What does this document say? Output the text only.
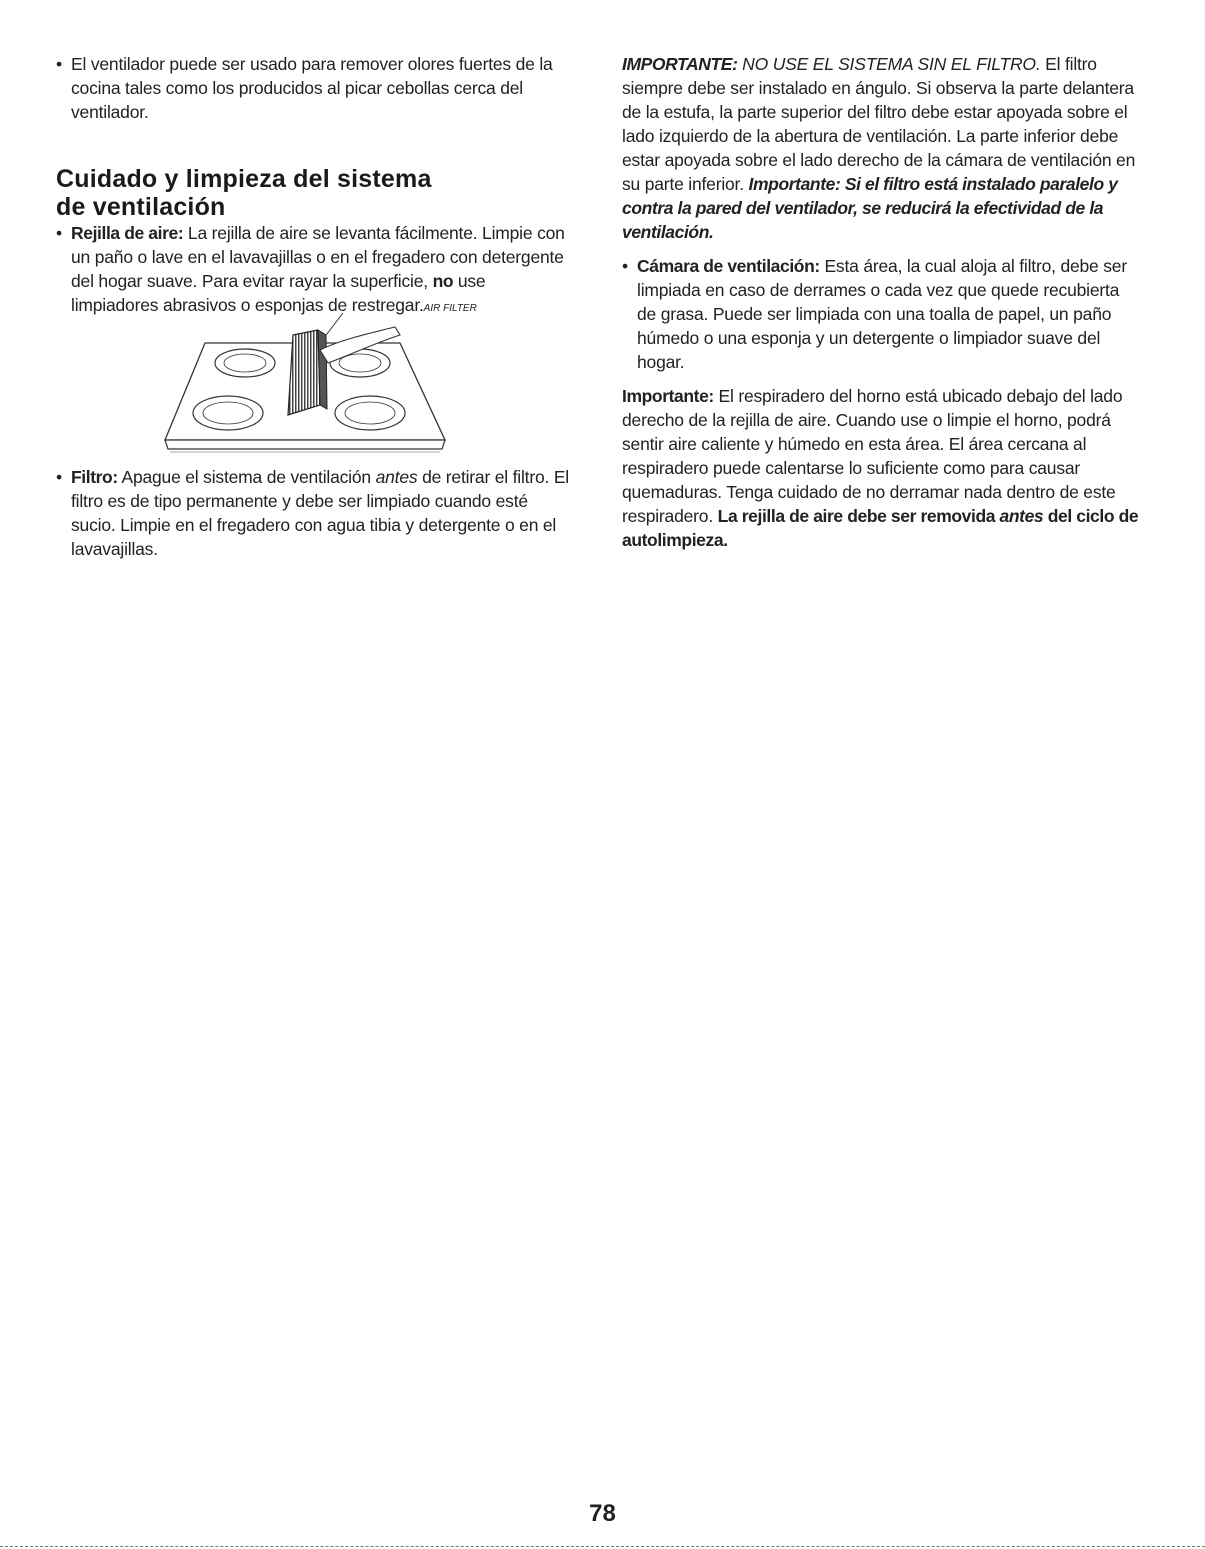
• El ventilador puede ser usado para remover olores fuertes de la cocina tales como los producidos al picar cebollas cerca del ventilador.

Cuidado y limpieza del sistema
de ventilación

• Rejilla de aire: La rejilla de aire se levanta fácilmente. Limpie con un paño o lave en el lavavajillas o en el fregadero con detergente del hogar suave. Para evitar rayar la superficie, no use limpiadores abrasivos o esponjas de restregar.AIR FILTER

• Filtro: Apague el sistema de ventilación antes de retirar el filtro. El filtro es de tipo permanente y debe ser limpiado cuando esté sucio. Limpie en el fregadero con agua tibia y detergente o en el lavavajillas.

IMPORTANTE: NO USE EL SISTEMA SIN EL FILTRO. El filtro siempre debe ser instalado en ángulo. Si observa la parte delantera de la estufa, la parte superior del filtro debe estar apoyada sobre el lado izquierdo de la abertura de ventilación. La parte inferior debe estar apoyada sobre el lado derecho de la cámara de ventilación en su parte inferior. Importante: Si el filtro está instalado paralelo y contra la pared del ventilador, se reducirá la efectividad de la ventilación.

• Cámara de ventilación: Esta área, la cual aloja al filtro, debe ser limpiada en caso de derrames o cada vez que quede recubierta de grasa. Puede ser limpiada con una toalla de papel, un paño húmedo o una esponja y un detergente o limpiador suave del hogar.

Importante: El respiradero del horno está ubicado debajo del lado derecho de la rejilla de aire. Cuando use o limpie el horno, podrá sentir aire caliente y húmedo en esta área. El área cercana al respiradero puede calentarse lo suficiente como para causar quemaduras. Tenga cuidado de no derramar nada dentro de este respiradero. La rejilla de aire debe ser removida antes del ciclo de autolimpieza.

78
